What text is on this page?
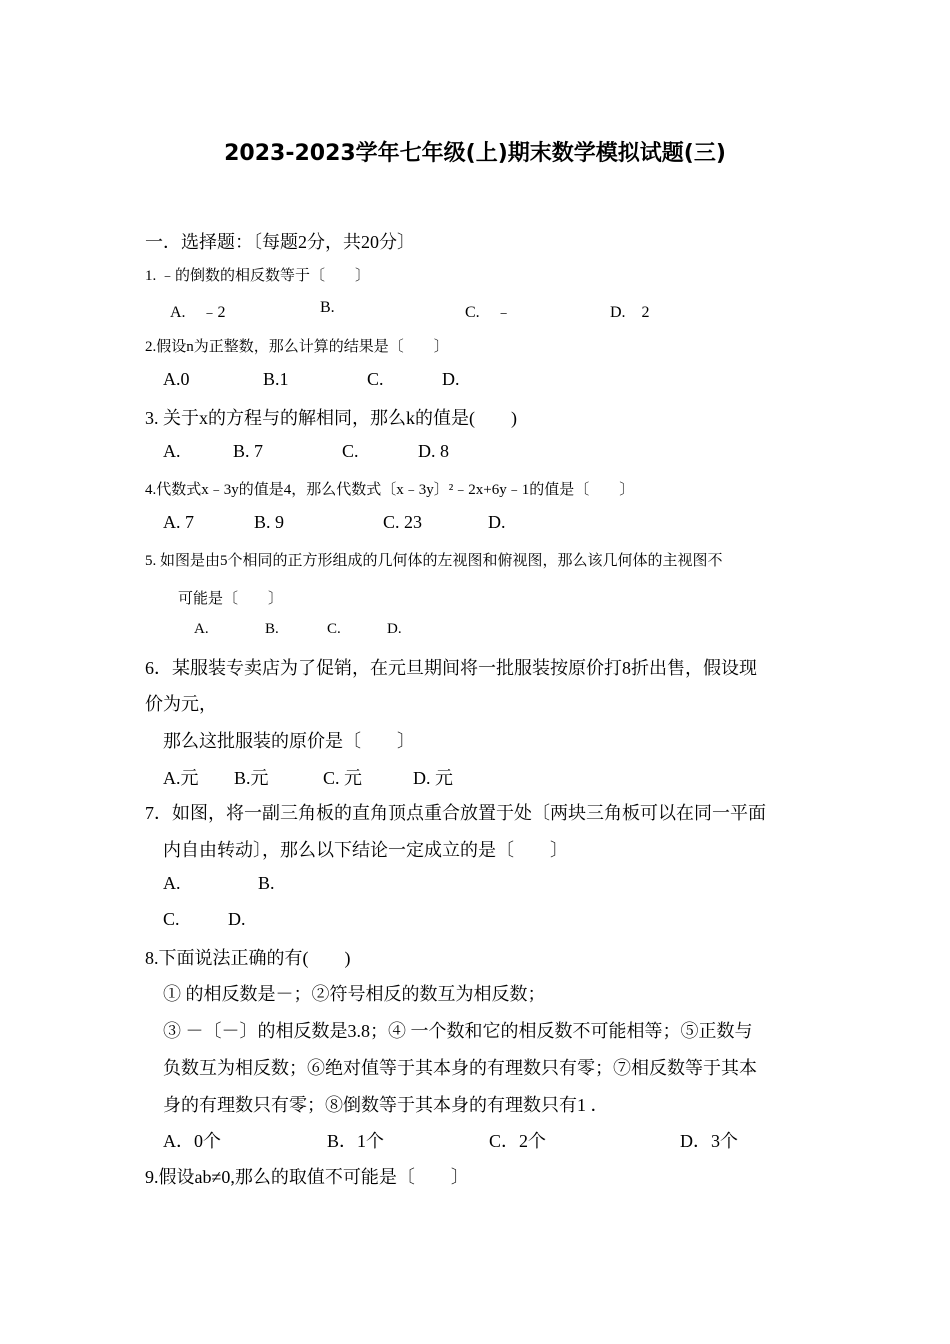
2023-2023学年七年级(上)期末数学模拟试题(三)
一．选择题：〔每题2分，共20分〕
1. ﹣的倒数的相反数等于〔　　〕
A.　﹣2	B.	C.　﹣	D.　2
2.假设n为正整数，那么计算的结果是〔　　〕
A.0	B.1	C.	D.
3. 关于x的方程与的解相同，那么k的值是(　　)
A.	B. 7	C.	D. 8
4.代数式x﹣3y的值是4，那么代数式〔x﹣3y〕²﹣2x+6y﹣1的值是〔　　〕
A. 7	B. 9	C. 23	D.
5. 如图是由5个相同的正方形组成的几何体的左视图和俯视图，那么该几何体的主视图不
可能是〔　　〕
A.	B.	C.	D.
6．某服装专卖店为了促销，在元旦期间将一批服装按原价打8折出售，假设现
价为元，
那么这批服装的原价是〔　　〕
A.元 B.元	C. 元	D. 元
7．如图，将一副三角板的直角顶点重合放置于处〔两块三角板可以在同一平面
内自由转动〕，那么以下结论一定成立的是〔　　〕
A.	B.
C.	D.
8.下面说法正确的有(　　)
① 的相反数是－；②符号相反的数互为相反数；
③ －〔－〕的相反数是3.8；④ 一个数和它的相反数不可能相等；⑤正数与
负数互为相反数；⑥绝对值等于其本身的有理数只有零；⑦相反数等于其本
身的有理数只有零；⑧倒数等于其本身的有理数只有1 ．
A．0个	B．1个	C．2个	D．3个
9.假设ab≠0,那么的取值不可能是〔　　〕
